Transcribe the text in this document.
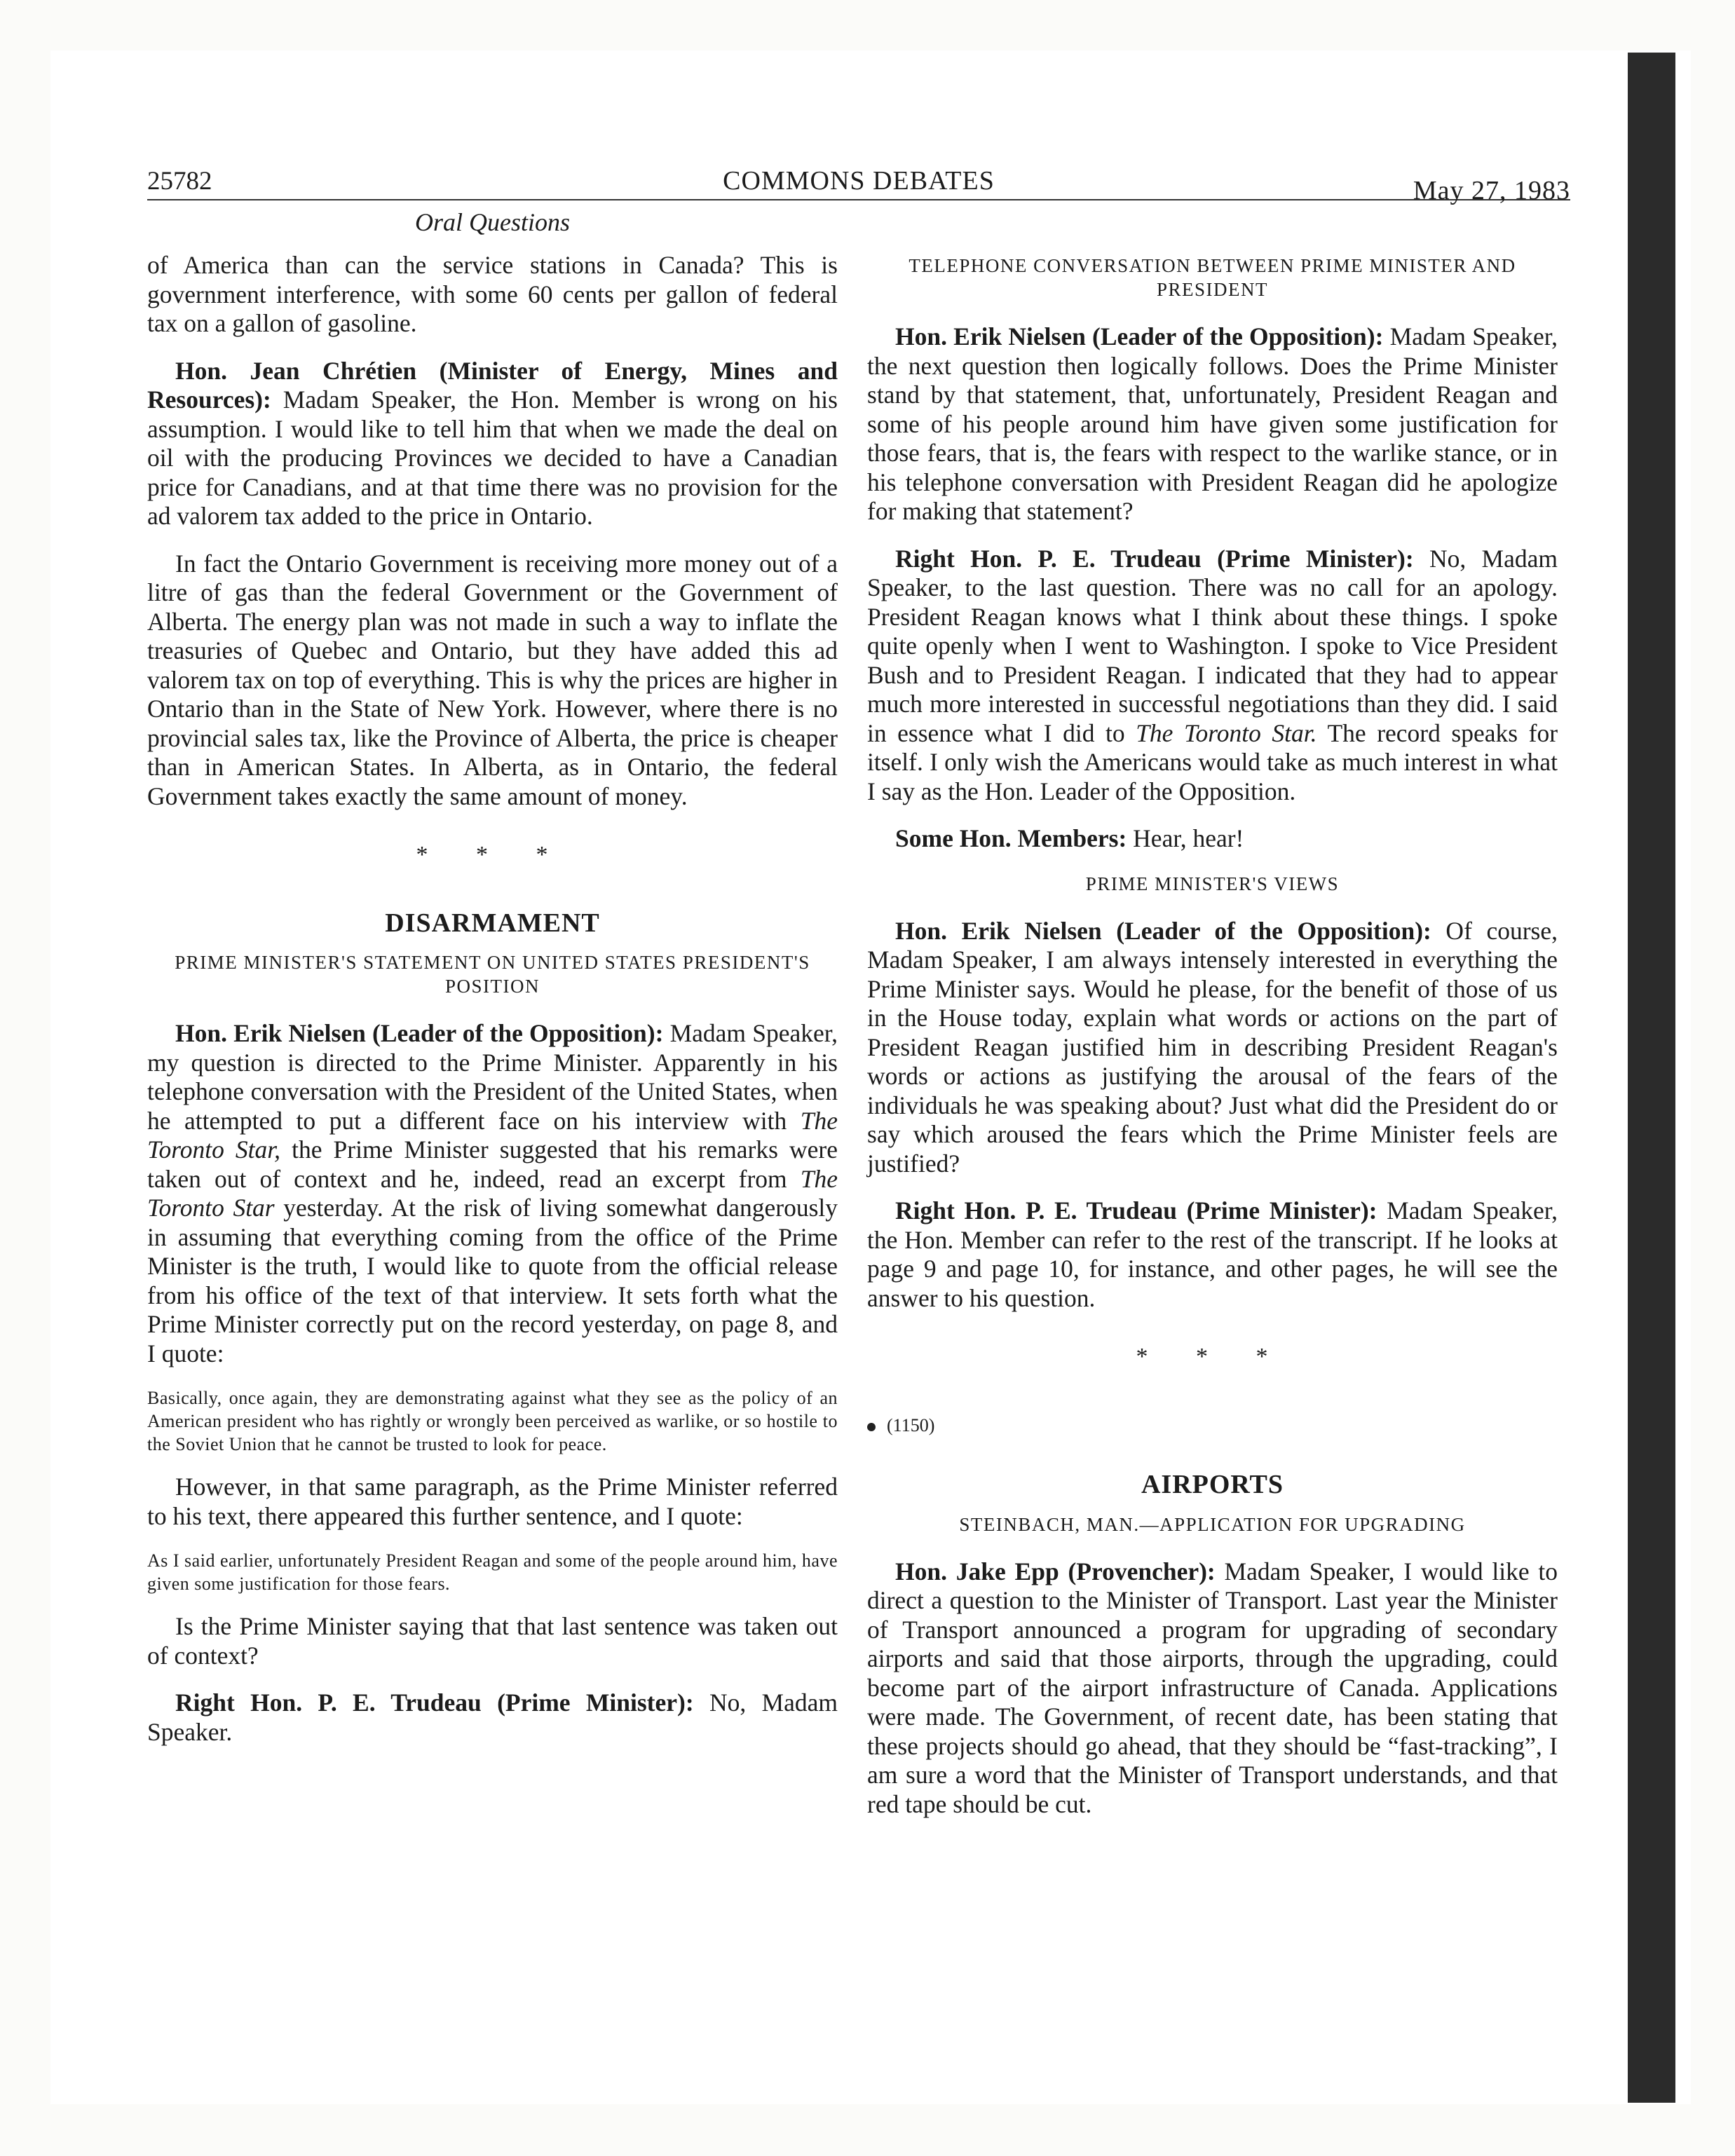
25782	COMMONS DEBATES	May 27, 1983
Oral Questions

of America than can the service stations in Canada? This is government interference, with some 60 cents per gallon of federal tax on a gallon of gasoline.

Hon. Jean Chrétien (Minister of Energy, Mines and Resources): Madam Speaker, the Hon. Member is wrong on his assumption. I would like to tell him that when we made the deal on oil with the producing Provinces we decided to have a Canadian price for Canadians, and at that time there was no provision for the ad valorem tax added to the price in Ontario.

In fact the Ontario Government is receiving more money out of a litre of gas than the federal Government or the Government of Alberta. The energy plan was not made in such a way to inflate the treasuries of Quebec and Ontario, but they have added this ad valorem tax on top of everything. This is why the prices are higher in Ontario than in the State of New York. However, where there is no provincial sales tax, like the Province of Alberta, the price is cheaper than in American States. In Alberta, as in Ontario, the federal Government takes exactly the same amount of money.

* * *

DISARMAMENT

PRIME MINISTER'S STATEMENT ON UNITED STATES PRESIDENT'S POSITION

Hon. Erik Nielsen (Leader of the Opposition): Madam Speaker, my question is directed to the Prime Minister. Apparently in his telephone conversation with the President of the United States, when he attempted to put a different face on his interview with The Toronto Star, the Prime Minister suggested that his remarks were taken out of context and he, indeed, read an excerpt from The Toronto Star yesterday. At the risk of living somewhat dangerously in assuming that everything coming from the office of the Prime Minister is the truth, I would like to quote from the official release from his office of the text of that interview. It sets forth what the Prime Minister correctly put on the record yesterday, on page 8, and I quote:

Basically, once again, they are demonstrating against what they see as the policy of an American president who has rightly or wrongly been perceived as warlike, or so hostile to the Soviet Union that he cannot be trusted to look for peace.

However, in that same paragraph, as the Prime Minister referred to his text, there appeared this further sentence, and I quote:

As I said earlier, unfortunately President Reagan and some of the people around him, have given some justification for those fears.

Is the Prime Minister saying that that last sentence was taken out of context?

Right Hon. P. E. Trudeau (Prime Minister): No, Madam Speaker.

TELEPHONE CONVERSATION BETWEEN PRIME MINISTER AND PRESIDENT

Hon. Erik Nielsen (Leader of the Opposition): Madam Speaker, the next question then logically follows. Does the Prime Minister stand by that statement, that, unfortunately, President Reagan and some of his people around him have given some justification for those fears, that is, the fears with respect to the warlike stance, or in his telephone conversation with President Reagan did he apologize for making that statement?

Right Hon. P. E. Trudeau (Prime Minister): No, Madam Speaker, to the last question. There was no call for an apology. President Reagan knows what I think about these things. I spoke quite openly when I went to Washington. I spoke to Vice President Bush and to President Reagan. I indicated that they had to appear much more interested in successful negotiations than they did. I said in essence what I did to The Toronto Star. The record speaks for itself. I only wish the Americans would take as much interest in what I say as the Hon. Leader of the Opposition.

Some Hon. Members: Hear, hear!

PRIME MINISTER'S VIEWS

Hon. Erik Nielsen (Leader of the Opposition): Of course, Madam Speaker, I am always intensely interested in everything the Prime Minister says. Would he please, for the benefit of those of us in the House today, explain what words or actions on the part of President Reagan justified him in describing President Reagan's words or actions as justifying the arousal of the fears of the individuals he was speaking about? Just what did the President do or say which aroused the fears which the Prime Minister feels are justified?

Right Hon. P. E. Trudeau (Prime Minister): Madam Speaker, the Hon. Member can refer to the rest of the transcript. If he looks at page 9 and page 10, for instance, and other pages, he will see the answer to his question.

* * *

(1150)

AIRPORTS

STEINBACH, MAN.—APPLICATION FOR UPGRADING

Hon. Jake Epp (Provencher): Madam Speaker, I would like to direct a question to the Minister of Transport. Last year the Minister of Transport announced a program for upgrading of secondary airports and said that those airports, through the upgrading, could become part of the airport infrastructure of Canada. Applications were made. The Government, of recent date, has been stating that these projects should go ahead, that they should be “fast-tracking”, I am sure a word that the Minister of Transport understands, and that red tape should be cut.
